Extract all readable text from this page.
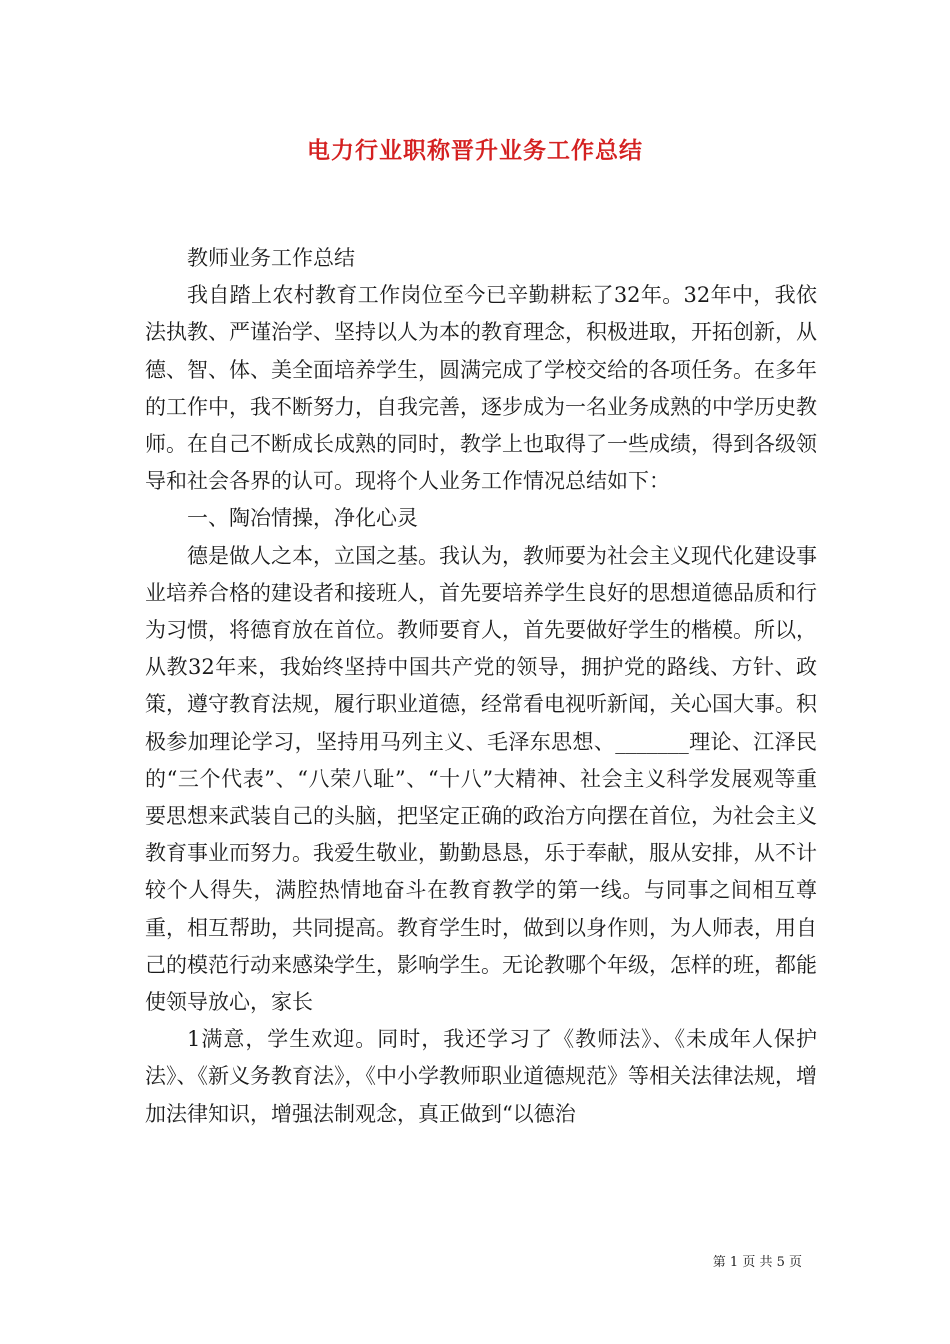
电力行业职称晋升业务工作总结

教师业务工作总结

我自踏上农村教育工作岗位至今已辛勤耕耘了32年。32年中，我依法执教、严谨治学、坚持以人为本的教育理念，积极进取，开拓创新，从德、智、体、美全面培养学生，圆满完成了学校交给的各项任务。在多年的工作中，我不断努力，自我完善，逐步成为一名业务成熟的中学历史教师。在自己不断成长成熟的同时，教学上也取得了一些成绩，得到各级领导和社会各界的认可。现将个人业务工作情况总结如下：

一、陶冶情操，净化心灵

德是做人之本，立国之基。我认为，教师要为社会主义现代化建设事业培养合格的建设者和接班人，首先要培养学生良好的思想道德品质和行为习惯，将德育放在首位。教师要育人，首先要做好学生的楷模。所以，从教32年来，我始终坚持中国共产党的领导，拥护党的路线、方针、政策，遵守教育法规，履行职业道德，经常看电视听新闻，关心国大事。积极参加理论学习，坚持用马列主义、毛泽东思想、_______理论、江泽民的“三个代表”、“八荣八耻”、“十八”大精神、社会主义科学发展观等重要思想来武装自己的头脑，把坚定正确的政治方向摆在首位，为社会主义教育事业而努力。我爱生敬业，勤勤恳恳，乐于奉献，服从安排，从不计较个人得失，满腔热情地奋斗在教育教学的第一线。与同事之间相互尊重，相互帮助，共同提高。教育学生时，做到以身作则，为人师表，用自己的模范行动来感染学生，影响学生。无论教哪个年级，怎样的班，都能使领导放心，家长

1满意，学生欢迎。同时，我还学习了《教师法》、《未成年人保护法》、《新义务教育法》，《中小学教师职业道德规范》等相关法律法规，增加法律知识，增强法制观念，真正做到“以德治

第 1 页 共 5 页
